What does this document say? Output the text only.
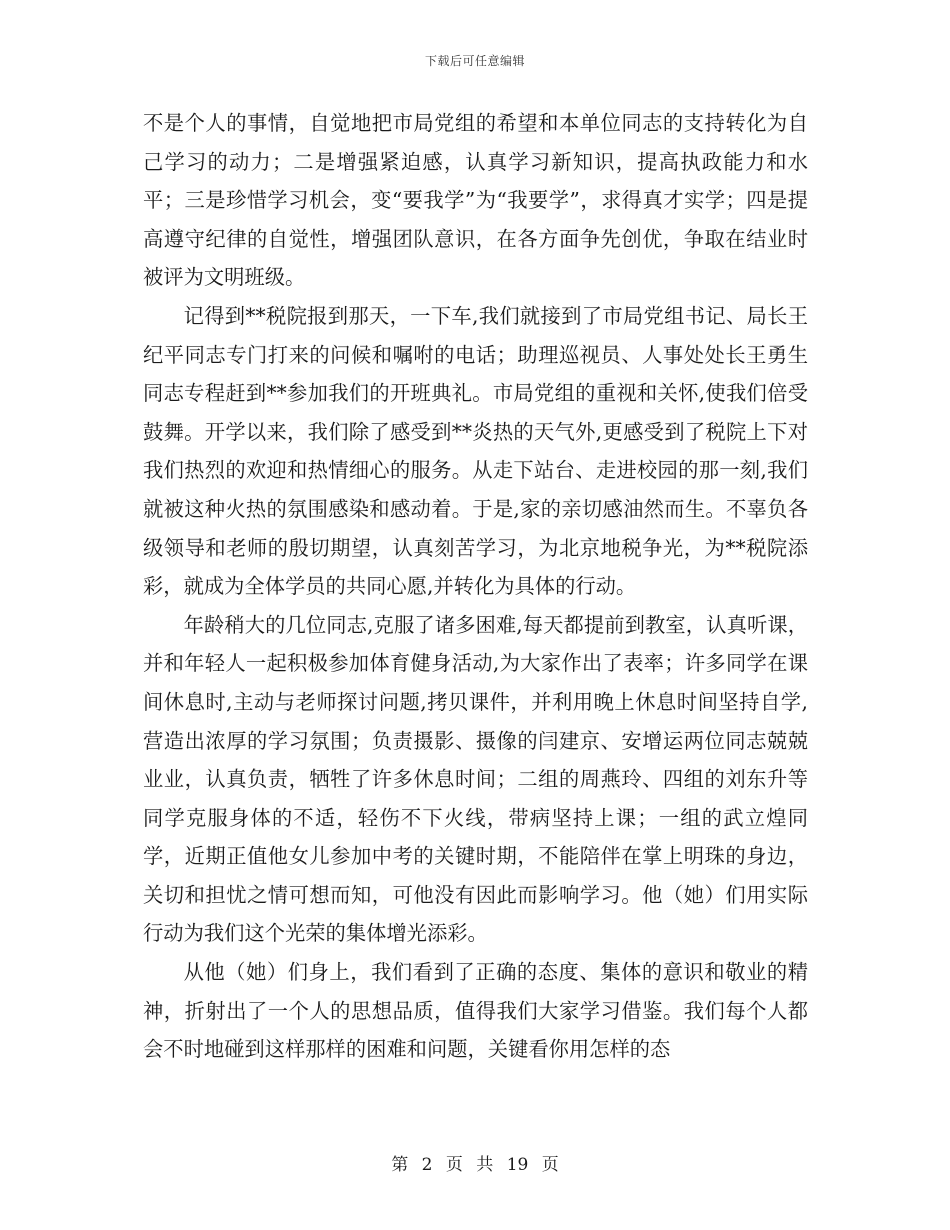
下载后可任意编辑

不是个人的事情，自觉地把市局党组的希望和本单位同志的支持转化为自己学习的动力；二是增强紧迫感，认真学习新知识，提高执政能力和水平；三是珍惜学习机会，变“要我学”为“我要学”，求得真才实学；四是提高遵守纪律的自觉性，增强团队意识，在各方面争先创优，争取在结业时被评为文明班级。

记得到**税院报到那天，一下车,我们就接到了市局党组书记、局长王纪平同志专门打来的问候和嘱咐的电话；助理巡视员、人事处处长王勇生同志专程赶到**参加我们的开班典礼。市局党组的重视和关怀,使我们倍受鼓舞。开学以来，我们除了感受到**炎热的天气外,更感受到了税院上下对我们热烈的欢迎和热情细心的服务。从走下站台、走进校园的那一刻,我们就被这种火热的氛围感染和感动着。于是,家的亲切感油然而生。不辜负各级领导和老师的殷切期望，认真刻苦学习，为北京地税争光，为**税院添彩，就成为全体学员的共同心愿,并转化为具体的行动。

年龄稍大的几位同志,克服了诸多困难,每天都提前到教室，认真听课，并和年轻人一起积极参加体育健身活动,为大家作出了表率；许多同学在课间休息时,主动与老师探讨问题,拷贝课件，并利用晚上休息时间坚持自学,营造出浓厚的学习氛围；负责摄影、摄像的闫建京、安增运两位同志兢兢业业，认真负责，牺牲了许多休息时间；二组的周燕玲、四组的刘东升等同学克服身体的不适，轻伤不下火线，带病坚持上课；一组的武立煌同学，近期正值他女儿参加中考的关键时期，不能陪伴在掌上明珠的身边，关切和担忧之情可想而知，可他没有因此而影响学习。他（她）们用实际行动为我们这个光荣的集体增光添彩。

从他（她）们身上，我们看到了正确的态度、集体的意识和敬业的精神，折射出了一个人的思想品质，值得我们大家学习借鉴。我们每个人都会不时地碰到这样那样的困难和问题，关键看你用怎样的态

第 2 页 共 19 页
